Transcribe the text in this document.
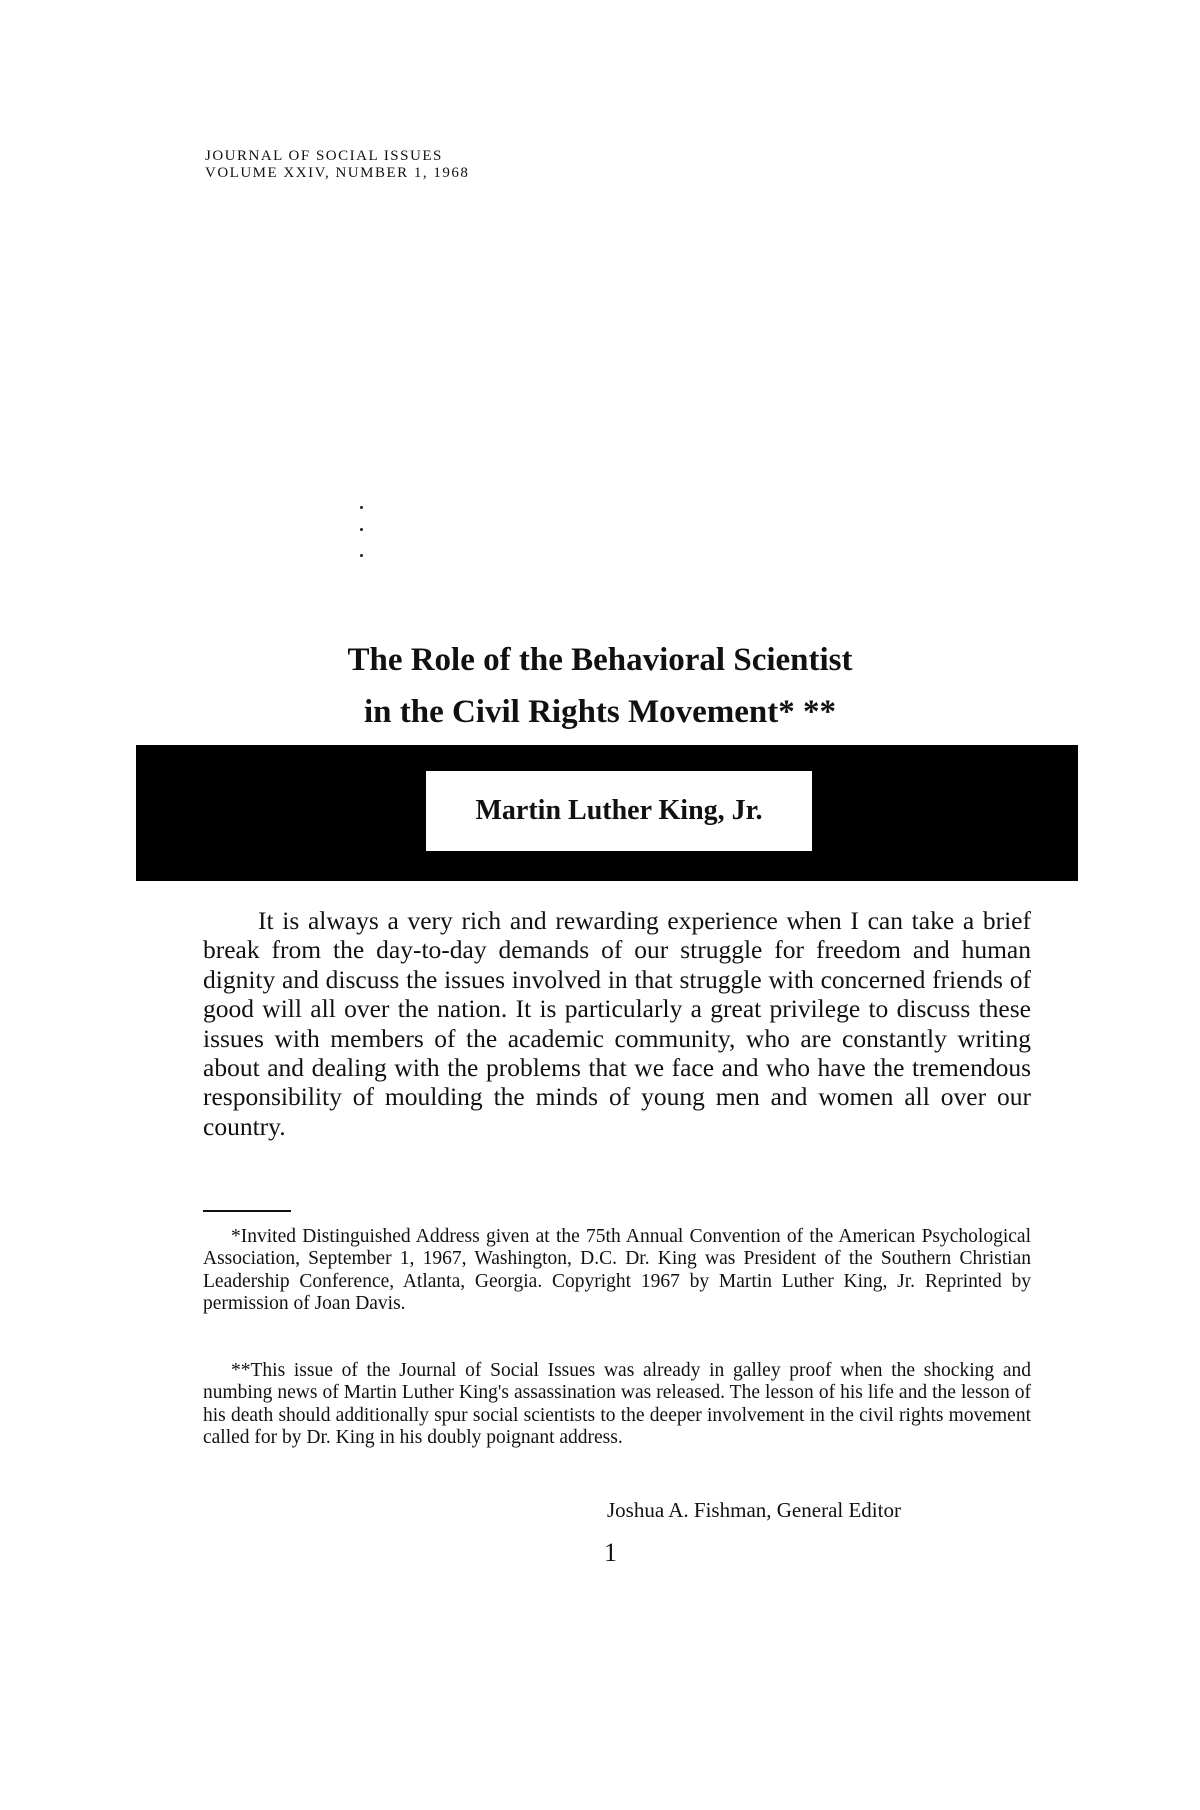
JOURNAL OF SOCIAL ISSUES
VOLUME XXIV, NUMBER 1, 1968
The Role of the Behavioral Scientist
in the Civil Rights Movement* **
Martin Luther King, Jr.

It is always a very rich and rewarding experience when I can take a brief break from the day-to-day demands of our struggle for freedom and human dignity and discuss the issues involved in that struggle with concerned friends of good will all over the nation. It is particularly a great privilege to discuss these issues with members of the academic community, who are constantly writing about and dealing with the problems that we face and who have the tremendous responsibility of moulding the minds of young men and women all over our country.

*Invited Distinguished Address given at the 75th Annual Convention of the American Psychological Association, September 1, 1967, Washington, D.C. Dr. King was President of the Southern Christian Leadership Conference, Atlanta, Georgia. Copyright 1967 by Martin Luther King, Jr. Reprinted by permission of Joan Davis.

**This issue of the Journal of Social Issues was already in galley proof when the shocking and numbing news of Martin Luther King's assassination was released. The lesson of his life and the lesson of his death should additionally spur social scientists to the deeper involvement in the civil rights movement called for by Dr. King in his doubly poignant address.

Joshua A. Fishman, General Editor
1
